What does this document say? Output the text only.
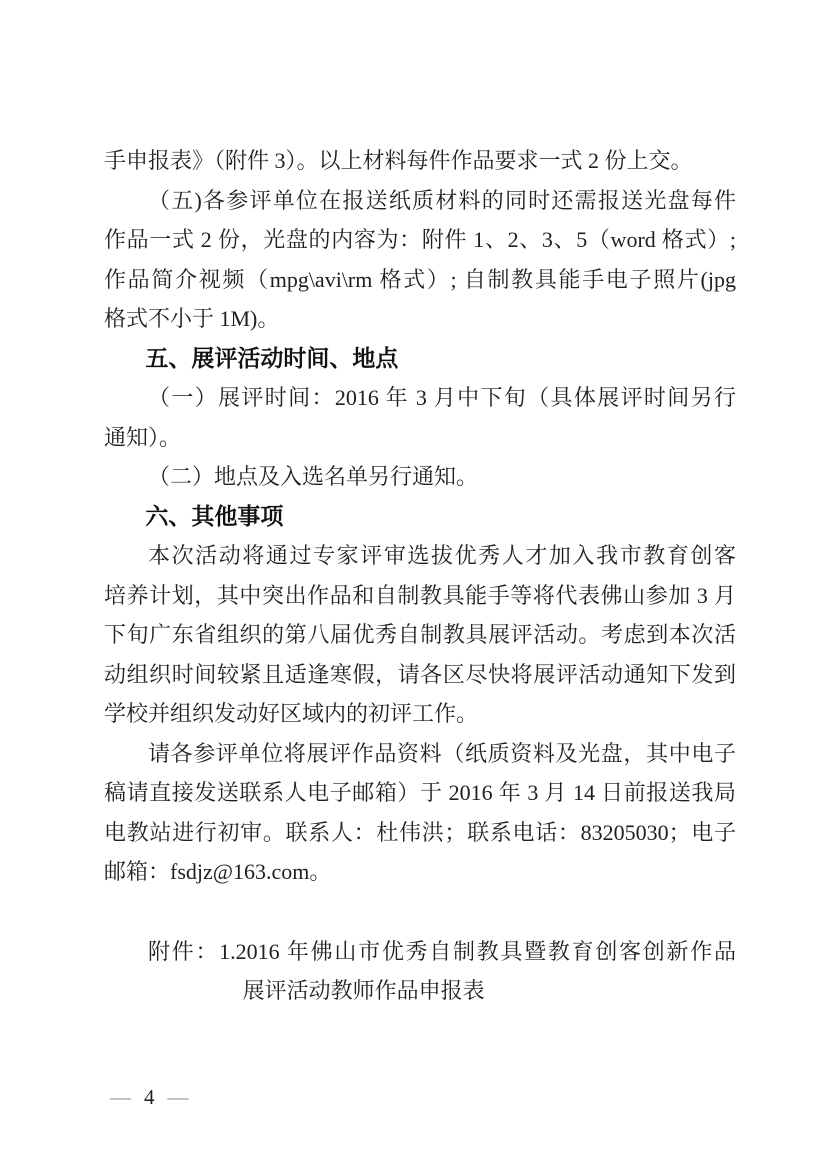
手申报表》（附件 3）。以上材料每件作品要求一式 2 份上交。
（五)各参评单位在报送纸质材料的同时还需报送光盘每件
作品一式 2 份，光盘的内容为：附件 1、2、3、5（word 格式）;
作品简介视频（mpg\avi\rm 格式）; 自制教具能手电子照片(jpg
格式不小于 1M)。
五、展评活动时间、地点
（一）展评时间：2016 年 3 月中下旬（具体展评时间另行
通知）。
（二）地点及入选名单另行通知。
六、其他事项
本次活动将通过专家评审选拔优秀人才加入我市教育创客
培养计划，其中突出作品和自制教具能手等将代表佛山参加 3 月
下旬广东省组织的第八届优秀自制教具展评活动。考虑到本次活
动组织时间较紧且适逢寒假，请各区尽快将展评活动通知下发到
学校并组织发动好区域内的初评工作。
请各参评单位将展评作品资料（纸质资料及光盘，其中电子
稿请直接发送联系人电子邮箱）于 2016 年 3 月 14 日前报送我局
电教站进行初审。联系人：杜伟洪；联系电话：83205030；电子
邮箱：fsdjz@163.com。
附件：1.2016 年佛山市优秀自制教具暨教育创客创新作品
展评活动教师作品申报表
— 4 —
